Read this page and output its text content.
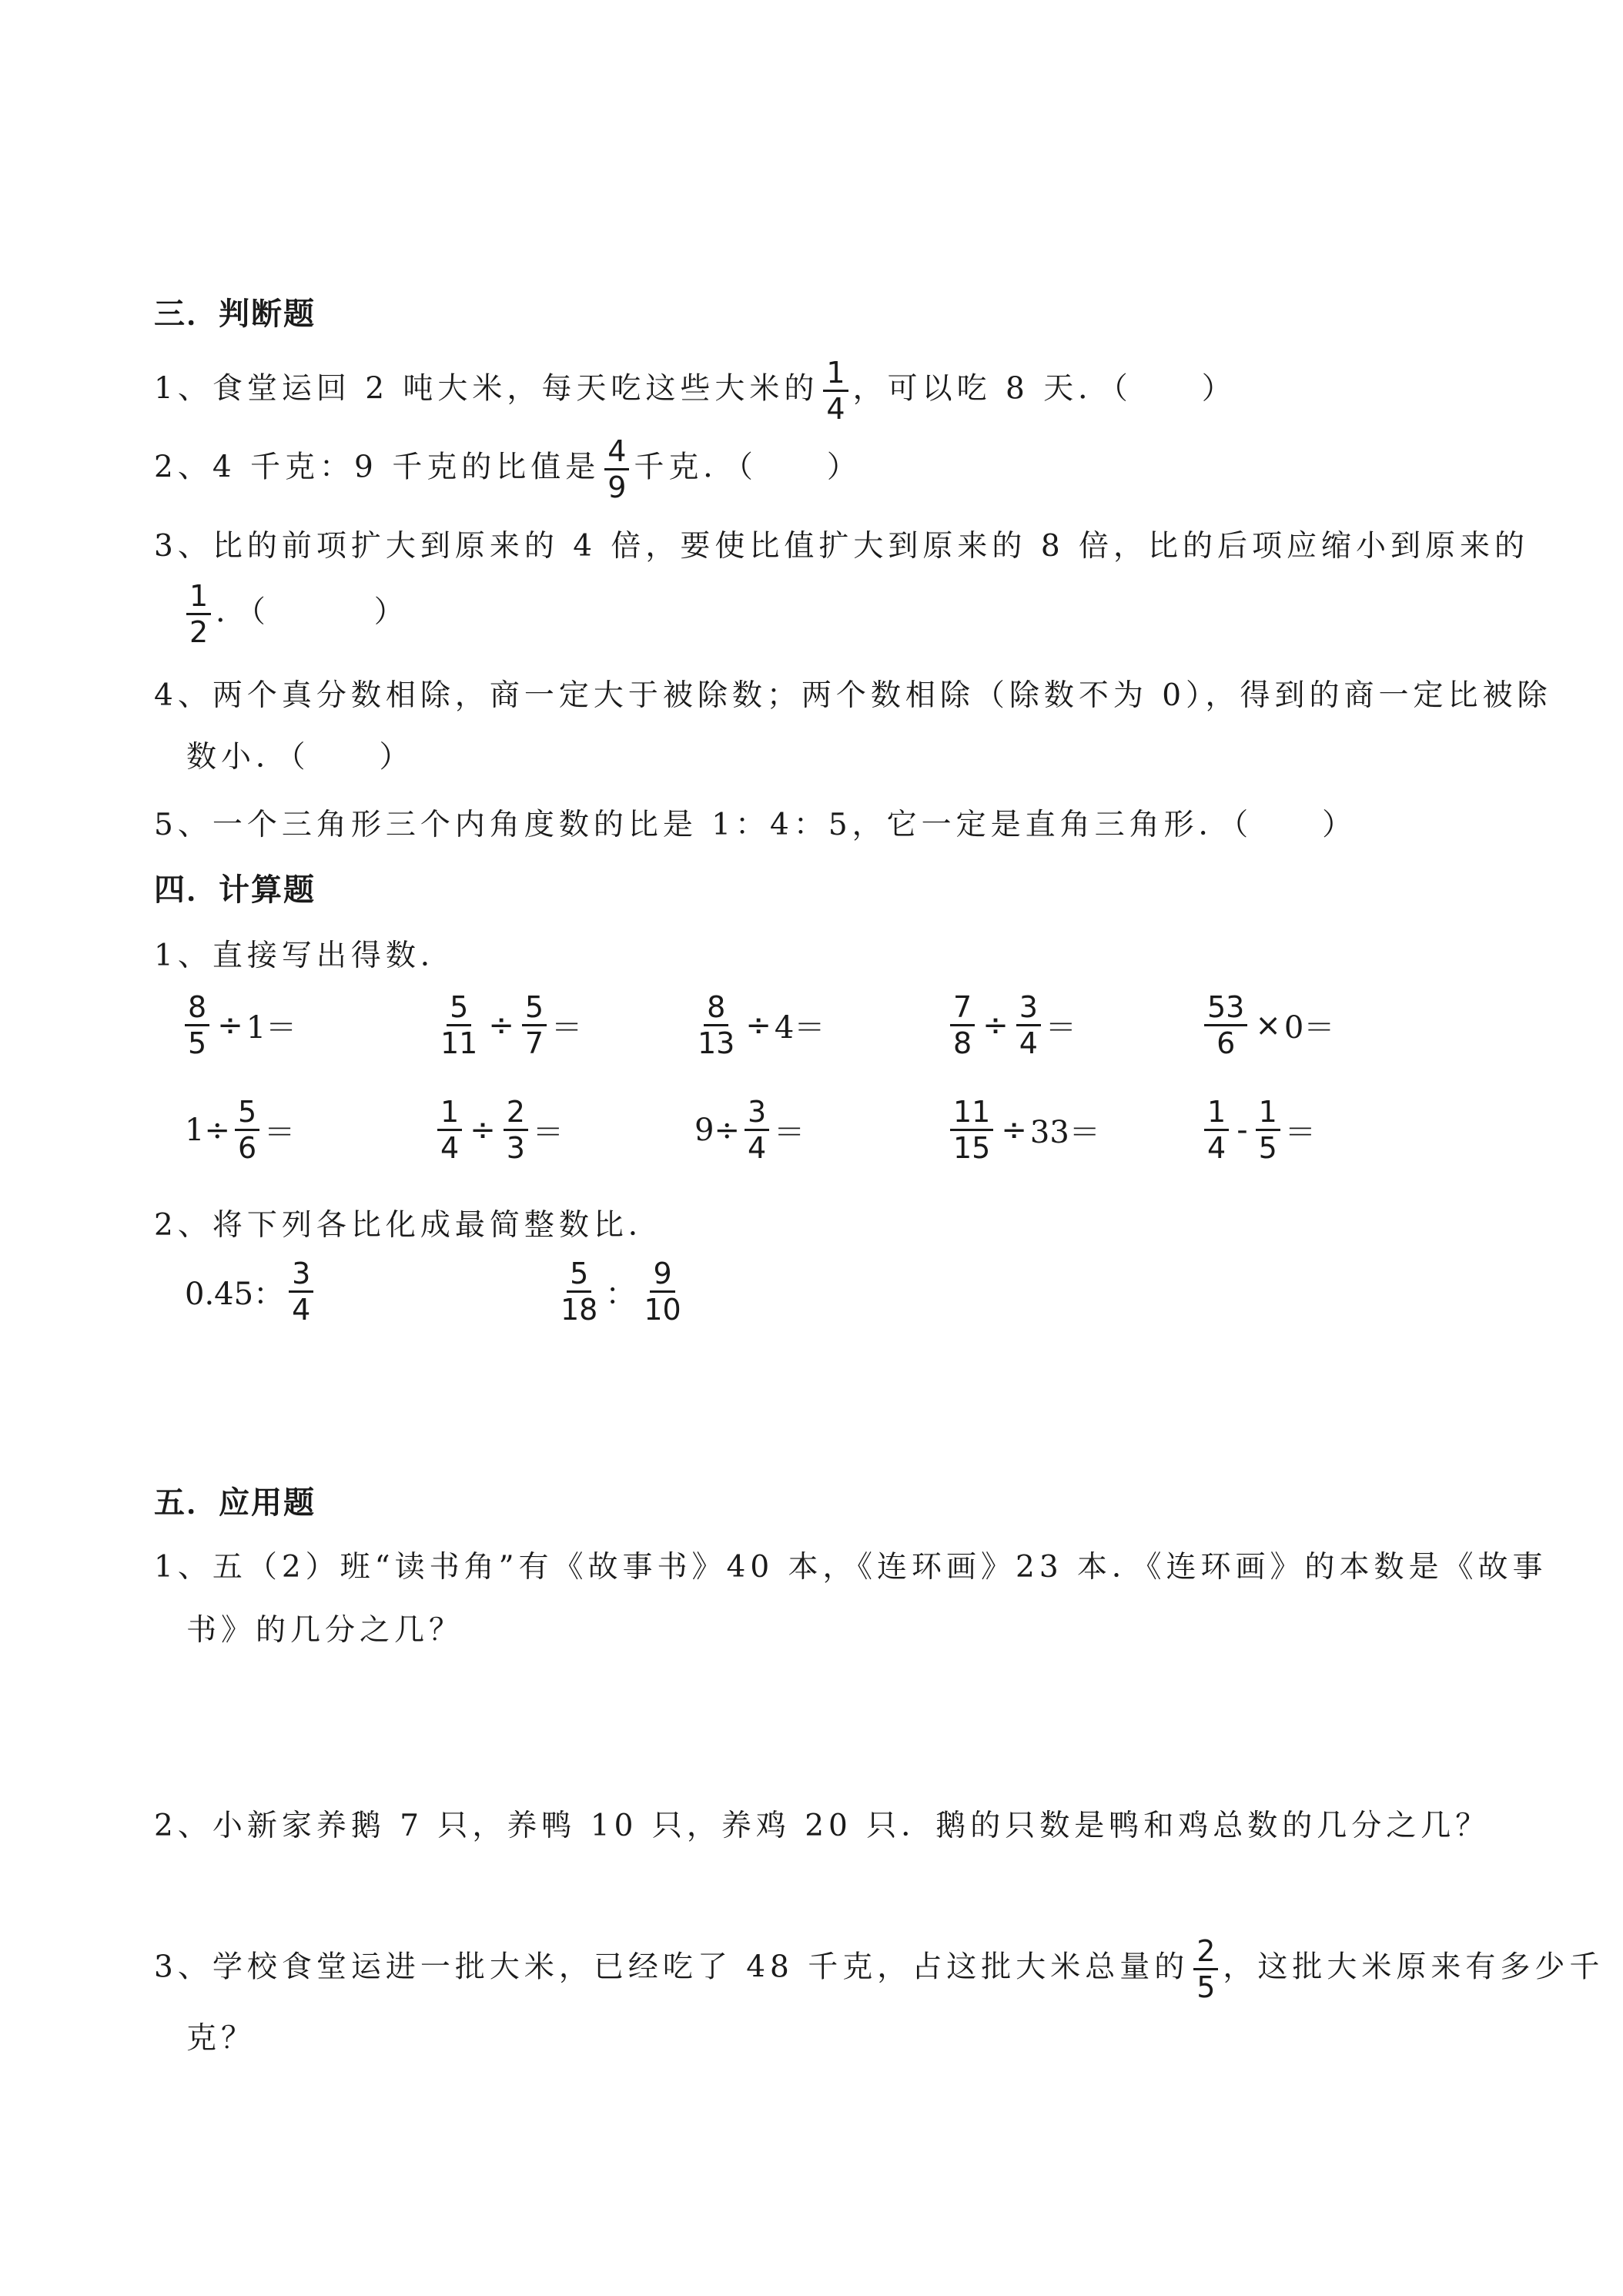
三．判断题
1、食堂运回 2 吨大米，每天吃这些大米的 $\frac{1}{4}$ ，可以吃 8 天．（　　）
2、4 千克：9 千克的比值是 $\frac{4}{9}$ 千克．（　　）
3、比的前项扩大到原来的 4 倍，要使比值扩大到原来的 8 倍，比的后项应缩小到原来的
$\frac{1}{2}$ ．（　　　）
4、两个真分数相除，商一定大于被除数；两个数相除（除数不为 0），得到的商一定比被除
数小．（　　）
5、一个三角形三个内角度数的比是 1：4：5，它一定是直角三角形．（　　）
四．计算题
1、直接写出得数．
$\frac{8}{5} \div 1=$	$\frac{5}{11} \div \frac{5}{7}$ ＝	$\frac{8}{13} \div 4=$	$\frac{7}{8} \div \frac{3}{4}$ ＝	$\frac{53}{6} \times 0=$
$1\div \frac{5}{6}$ ＝	$\frac{1}{4} \div \frac{2}{3}$ ＝	$9\div \frac{3}{4}$ ＝	$\frac{11}{15} \div 33=$	$\frac{1}{4} - \frac{1}{5}$ ＝
2、将下列各比化成最简整数比．
0.45： $\frac{3}{4}$	$\frac{5}{18}$ ： $\frac{9}{10}$
五．应用题
1、五（2）班“读书角”有《故事书》40 本，《连环画》23 本．《连环画》的本数是《故事
书》的几分之几？
2、小新家养鹅 7 只，养鸭 10 只，养鸡 20 只．鹅的只数是鸭和鸡总数的几分之几？
3、学校食堂运进一批大米，已经吃了 48 千克，占这批大米总量的 $\frac{2}{5}$ ，这批大米原来有多少千
克？
